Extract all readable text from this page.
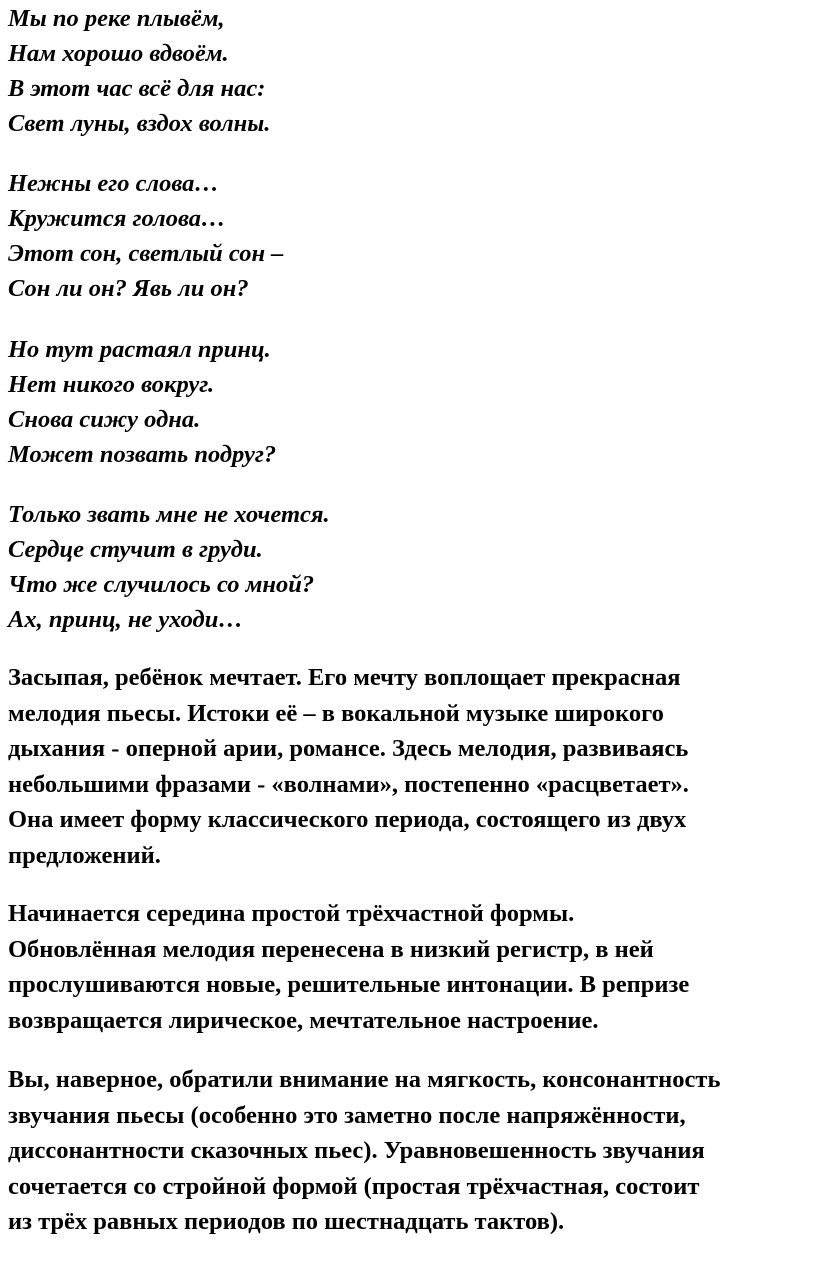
Мы по реке плывём,
Нам хорошо вдвоём.
В этот час всё для нас:
Свет луны, вздох волны.
Нежны его слова…
Кружится голова…
Этот сон, светлый сон –
Сон ли он? Явь ли он?
Но тут растаял принц.
Нет никого вокруг.
Снова сижу одна.
Может позвать подруг?
Только звать мне не хочется.
Сердце стучит в груди.
Что же случилось со мной?
Ах, принц, не уходи…

Засыпая, ребёнок мечтает. Его мечту воплощает прекрасная
мелодия пьесы. Истоки её – в вокальной музыке широкого
дыхания - оперной арии, романсе. Здесь мелодия, развиваясь
небольшими фразами - «волнами», постепенно «расцветает».
Она имеет форму классического периода, состоящего из двух
предложений.

Начинается середина простой трёхчастной формы.
Обновлённая мелодия перенесена в низкий регистр, в ней
прослушиваются новые, решительные интонации. В репризе
возвращается лирическое, мечтательное настроение.

Вы, наверное, обратили внимание на мягкость, консонантность
звучания пьесы (особенно это заметно после напряжённости,
диссонантности сказочных пьес). Уравновешенность звучания
сочетается со стройной формой (простая трёхчастная, состоит
из трёх равных периодов по шестнадцать тактов).
